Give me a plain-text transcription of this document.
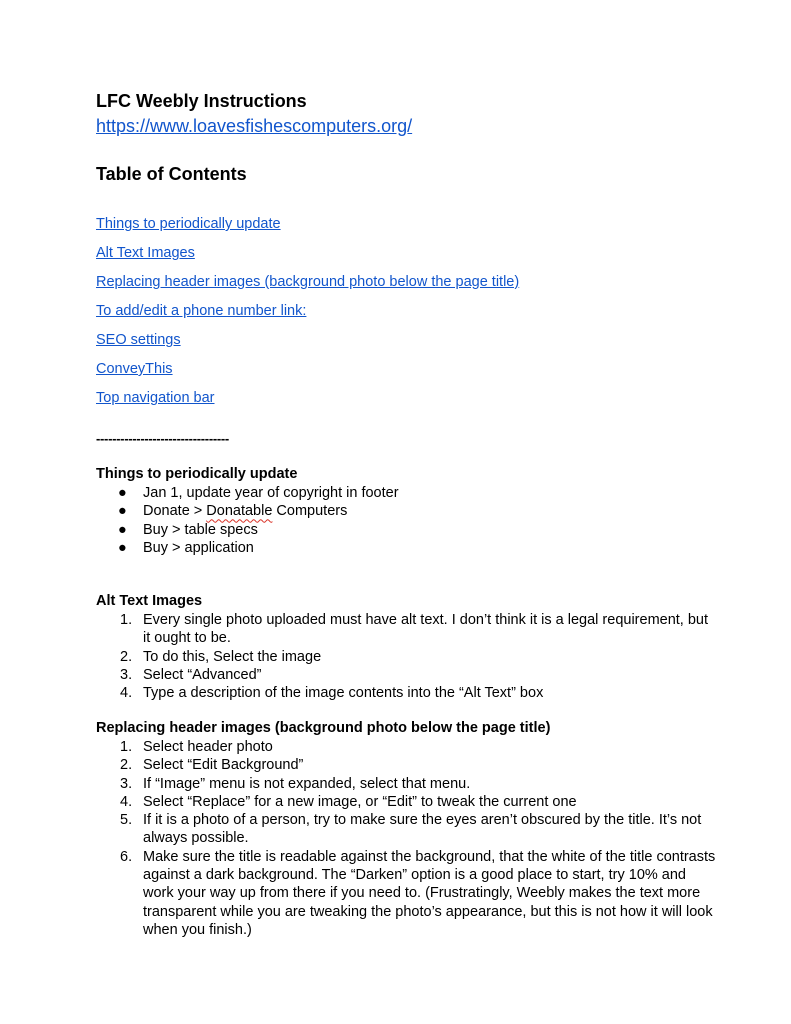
LFC Weebly Instructions
https://www.loavesfishescomputers.org/
Table of Contents
Things to periodically update
Alt Text Images
Replacing header images (background photo below the page title)
To add/edit a phone number link:
SEO settings
ConveyThis
Top navigation bar
---------------------------------
Things to periodically update
● Jan 1, update year of copyright in footer
● Donate > Donatable Computers
● Buy > table specs
● Buy > application
Alt Text Images
1. Every single photo uploaded must have alt text. I don’t think it is a legal requirement, but it ought to be.
2. To do this, Select the image
3. Select “Advanced”
4. Type a description of the image contents into the “Alt Text” box
Replacing header images (background photo below the page title)
1. Select header photo
2. Select “Edit Background”
3. If “Image” menu is not expanded, select that menu.
4. Select “Replace” for a new image, or “Edit” to tweak the current one
5. If it is a photo of a person, try to make sure the eyes aren’t obscured by the title. It’s not always possible.
6. Make sure the title is readable against the background, that the white of the title contrasts against a dark background. The “Darken” option is a good place to start, try 10% and work your way up from there if you need to. (Frustratingly, Weebly makes the text more transparent while you are tweaking the photo’s appearance, but this is not how it will look when you finish.)
